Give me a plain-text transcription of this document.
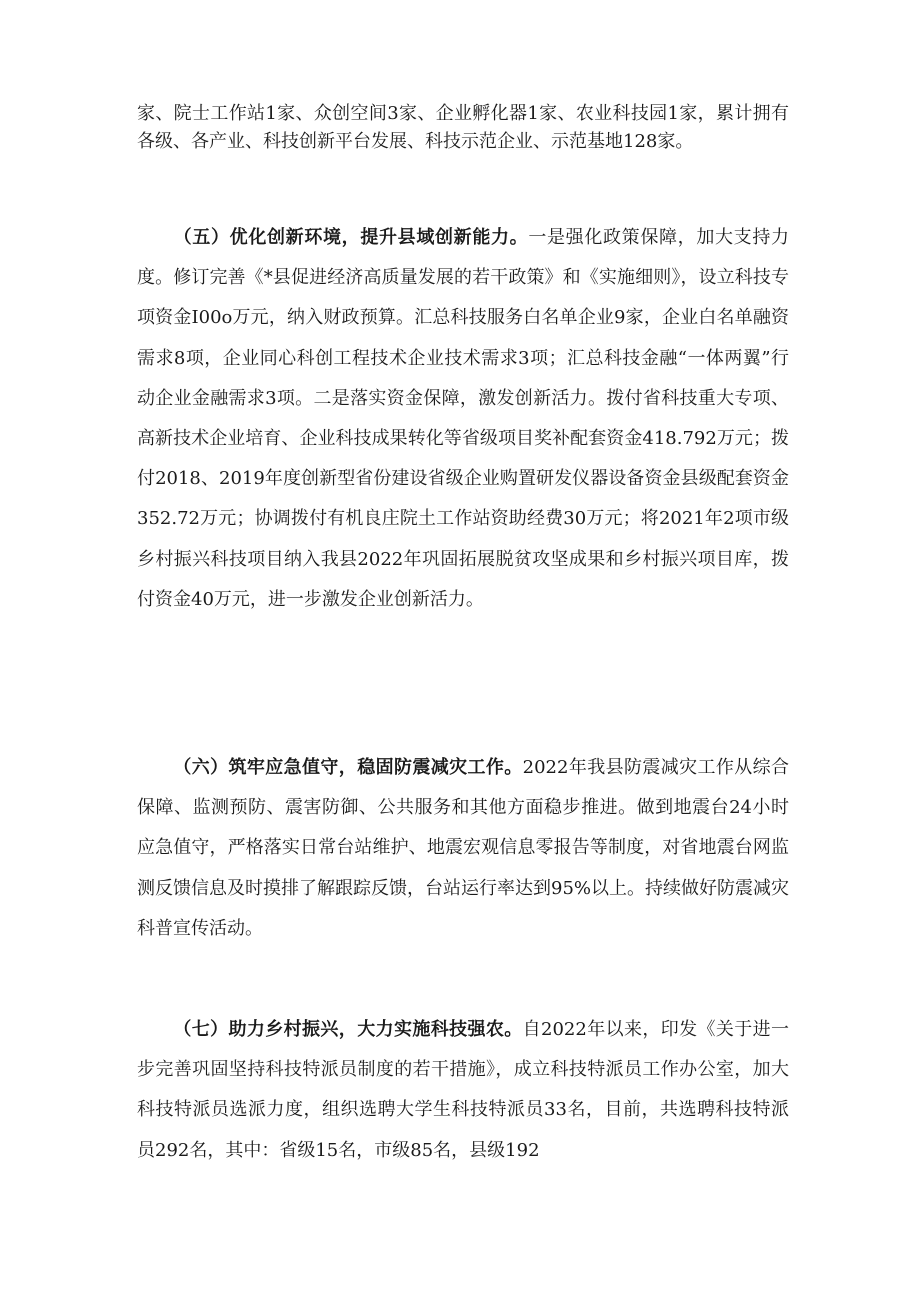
家、院士工作站1家、众创空间3家、企业孵化器1家、农业科技园1家，累计拥有各级、各产业、科技创新平台发展、科技示范企业、示范基地128家。

（五）优化创新环境，提升县域创新能力。一是强化政策保障，加大支持力度。修订完善《*县促进经济高质量发展的若干政策》和《实施细则》，设立科技专项资金I00o万元，纳入财政预算。汇总科技服务白名单企业9家，企业白名单融资需求8项，企业同心科创工程技术企业技术需求3项；汇总科技金融“一体两翼”行动企业金融需求3项。二是落实资金保障，激发创新活力。拨付省科技重大专项、高新技术企业培育、企业科技成果转化等省级项目奖补配套资金418.792万元；拨付2018、2019年度创新型省份建设省级企业购置研发仪器设备资金县级配套资金352.72万元；协调拨付有机良庄院土工作站资助经费30万元；将2021年2项市级乡村振兴科技项目纳入我县2022年巩固拓展脱贫攻坚成果和乡村振兴项目库，拨付资金40万元，进一步激发企业创新活力。

（六）筑牢应急值守，稳固防震减灾工作。2022年我县防震减灾工作从综合保障、监测预防、震害防御、公共服务和其他方面稳步推进。做到地震台24小时应急值守，严格落实日常台站维护、地震宏观信息零报告等制度，对省地震台网监测反馈信息及时摸排了解跟踪反馈，台站运行率达到95%以上。持续做好防震减灾科普宣传活动。

（七）助力乡村振兴，大力实施科技强农。自2022年以来，印发《关于进一步完善巩固坚持科技特派员制度的若干措施》，成立科技特派员工作办公室，加大科技特派员选派力度，组织选聘大学生科技特派员33名，目前，共选聘科技特派员292名，其中：省级15名，市级85名，县级192
